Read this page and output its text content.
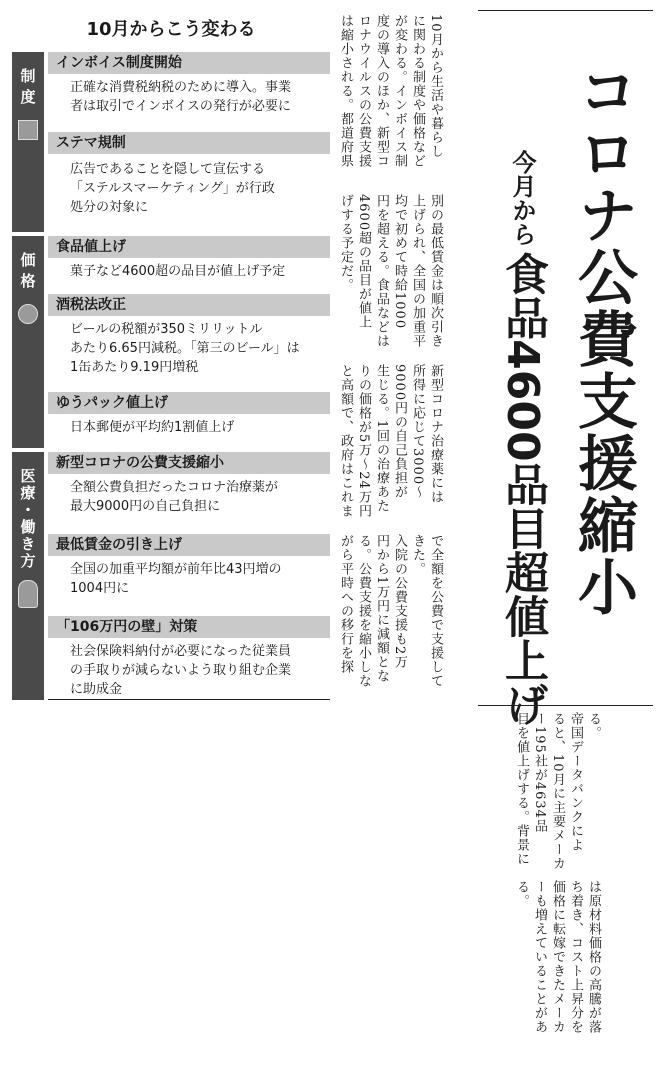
10月からこう変わる
制度
価格
医療・働き方
インボイス制度開始
正確な消費税納税のために導入。事業
者は取引でインボイスの発行が必要に
ステマ規制
広告であることを隠して宣伝する
「ステルスマーケティング」が行政
処分の対象に
食品値上げ
菓子など4600超の品目が値上げ予定
酒税法改正
ビールの税額が350ミリリットル
あたり6.65円減税。「第三のビール」は
1缶あたり9.19円増税
ゆうパック値上げ
日本郵便が平均約1割値上げ
新型コロナの公費支援縮小
全額公費負担だったコロナ治療薬が
最大9000円の自己負担に
最低賃金の引き上げ
全国の加重平均額が前年比43円増の
1004円に
「106万円の壁」対策
社会保険料納付が必要になった従業員
の手取りが減らないよう取り組む企業
に助成金
コロナ公費支援縮小
今月から 食品4600品目超値上げ
10月から生活や暮らし
に関わる制度や価格など
が変わる。インボイス制
度の導入のほか、新型コ
ロナウイルスの公費支援
は縮小される。都道府県
別の最低賃金は順次引き
上げられ、全国の加重平
均で初めて時給1000
円を超える。食品などは
4600超の品目が値上
げする予定だ。
新型コロナ治療薬には
所得に応じて3000〜
9000円の自己負担が
生じる。1回の治療あた
りの価格が5万〜24万円
と高額で、政府はこれま
で全額を公費で支援して
きた。
入院の公費支援も2万
円から1万円に減額とな
る。公費支援を縮小しな
がら平時への移行を探
る。
帝国データバンクによ
ると、10月に主要メーカ
ー195社が4634品
目を値上げする。背景に
は原材料価格の高騰が落
ち着き、コスト上昇分を
価格に転嫁できたメーカ
ーも増えていることがあ
る。
